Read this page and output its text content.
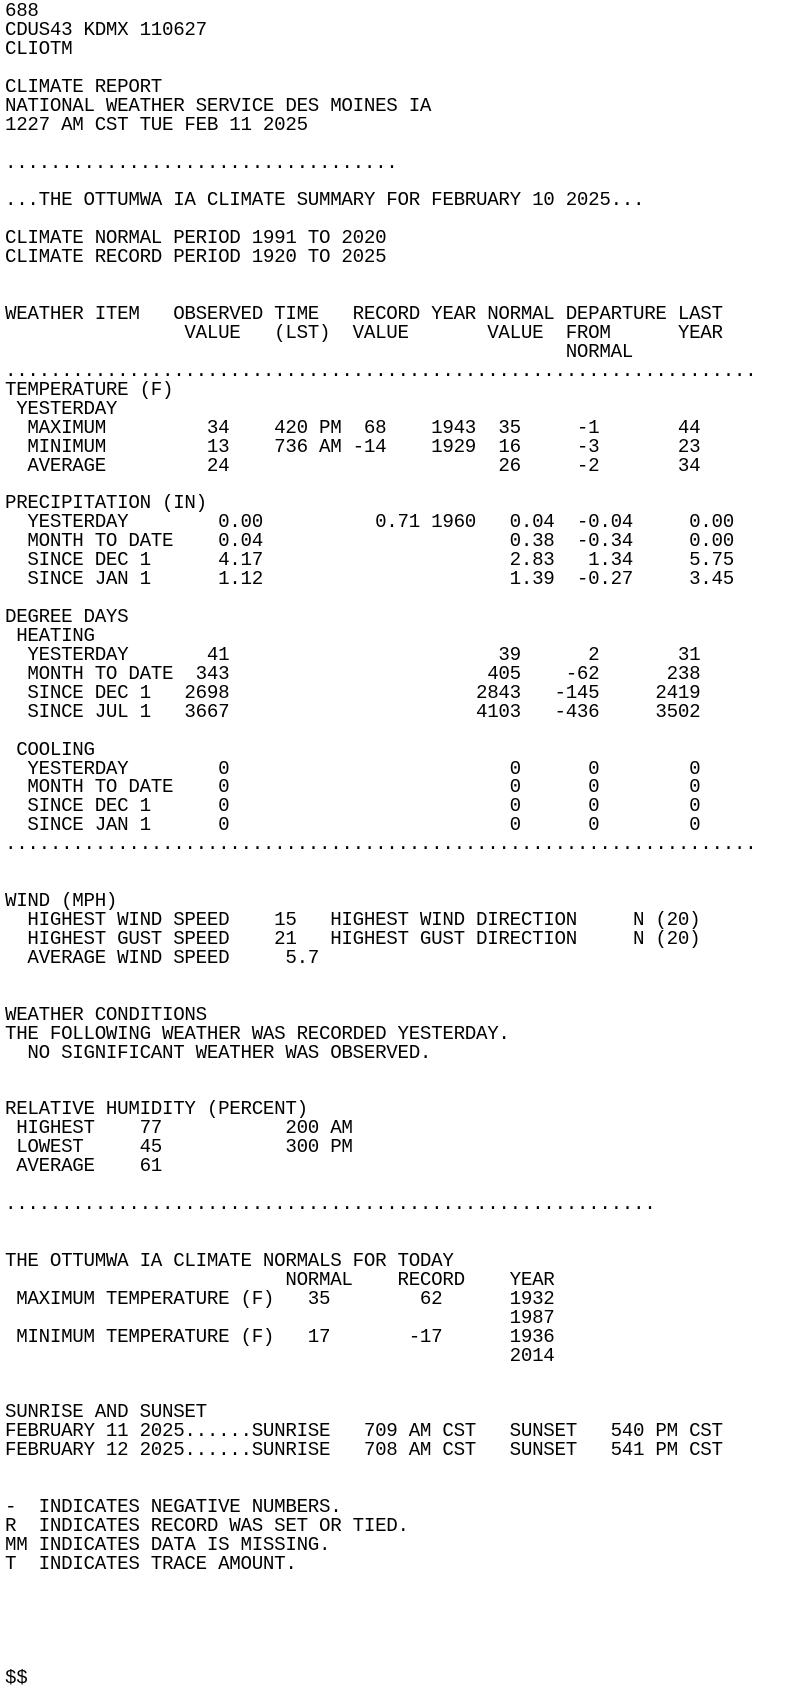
688
CDUS43 KDMX 110627
CLIOTM
CLIMATE REPORT
NATIONAL WEATHER SERVICE DES MOINES IA
1227 AM CST TUE FEB 11 2025
...................................
...THE OTTUMWA IA CLIMATE SUMMARY FOR FEBRUARY 10 2025...
CLIMATE NORMAL PERIOD 1991 TO 2020
CLIMATE RECORD PERIOD 1920 TO 2025
WEATHER ITEM   OBSERVED TIME   RECORD YEAR NORMAL DEPARTURE LAST
VALUE   (LST)  VALUE       VALUE  FROM      YEAR
NORMAL
...................................................................
TEMPERATURE (F)
YESTERDAY
MAXIMUM         34    420 PM  68    1943  35     -1       44
MINIMUM         13    736 AM -14    1929  16     -3       23
AVERAGE         24                        26     -2       34
PRECIPITATION (IN)
YESTERDAY        0.00          0.71 1960   0.04  -0.04     0.00
MONTH TO DATE    0.04                      0.38  -0.34     0.00
SINCE DEC 1      4.17                      2.83   1.34     5.75
SINCE JAN 1      1.12                      1.39  -0.27     3.45
DEGREE DAYS
HEATING
YESTERDAY       41                        39      2       31
MONTH TO DATE  343                       405    -62      238
SINCE DEC 1   2698                      2843   -145     2419
SINCE JUL 1   3667                      4103   -436     3502
COOLING
YESTERDAY        0                         0      0        0
MONTH TO DATE    0                         0      0        0
SINCE DEC 1      0                         0      0        0
SINCE JAN 1      0                         0      0        0
...................................................................
WIND (MPH)
HIGHEST WIND SPEED    15   HIGHEST WIND DIRECTION     N (20)
HIGHEST GUST SPEED    21   HIGHEST GUST DIRECTION     N (20)
AVERAGE WIND SPEED     5.7
WEATHER CONDITIONS
THE FOLLOWING WEATHER WAS RECORDED YESTERDAY.
NO SIGNIFICANT WEATHER WAS OBSERVED.
RELATIVE HUMIDITY (PERCENT)
HIGHEST    77           200 AM
LOWEST     45           300 PM
AVERAGE    61
..........................................................
THE OTTUMWA IA CLIMATE NORMALS FOR TODAY
NORMAL    RECORD    YEAR
MAXIMUM TEMPERATURE (F)   35        62      1932
1987
MINIMUM TEMPERATURE (F)   17       -17      1936
2014
SUNRISE AND SUNSET
FEBRUARY 11 2025......SUNRISE   709 AM CST   SUNSET   540 PM CST
FEBRUARY 12 2025......SUNRISE   708 AM CST   SUNSET   541 PM CST
-  INDICATES NEGATIVE NUMBERS.
R  INDICATES RECORD WAS SET OR TIED.
MM INDICATES DATA IS MISSING.
T  INDICATES TRACE AMOUNT.
$$
